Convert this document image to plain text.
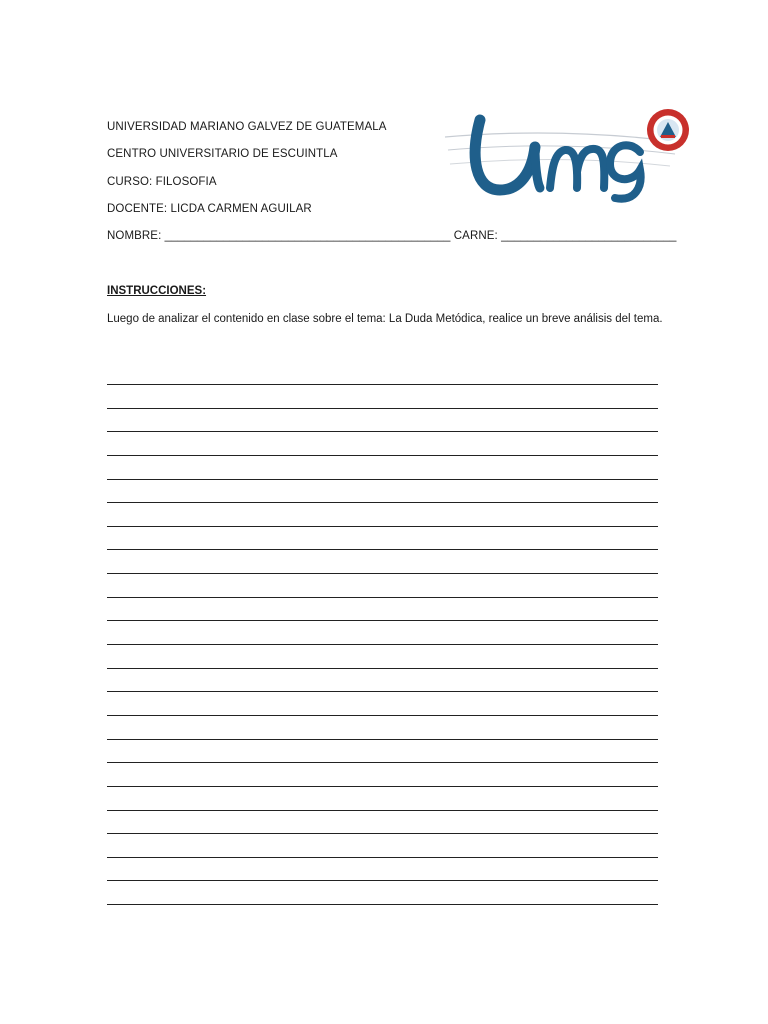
UNIVERSIDAD MARIANO GALVEZ DE GUATEMALA
CENTRO UNIVERSITARIO DE ESCUINTLA
CURSO: FILOSOFIA
DOCENTE: LICDA CARMEN AGUILAR
NOMBRE: ____________________________________________ CARNE: ___________________________
INSTRUCCIONES:
Luego de analizar el contenido en clase sobre el tema: La Duda Metódica, realice un breve análisis del tema.
